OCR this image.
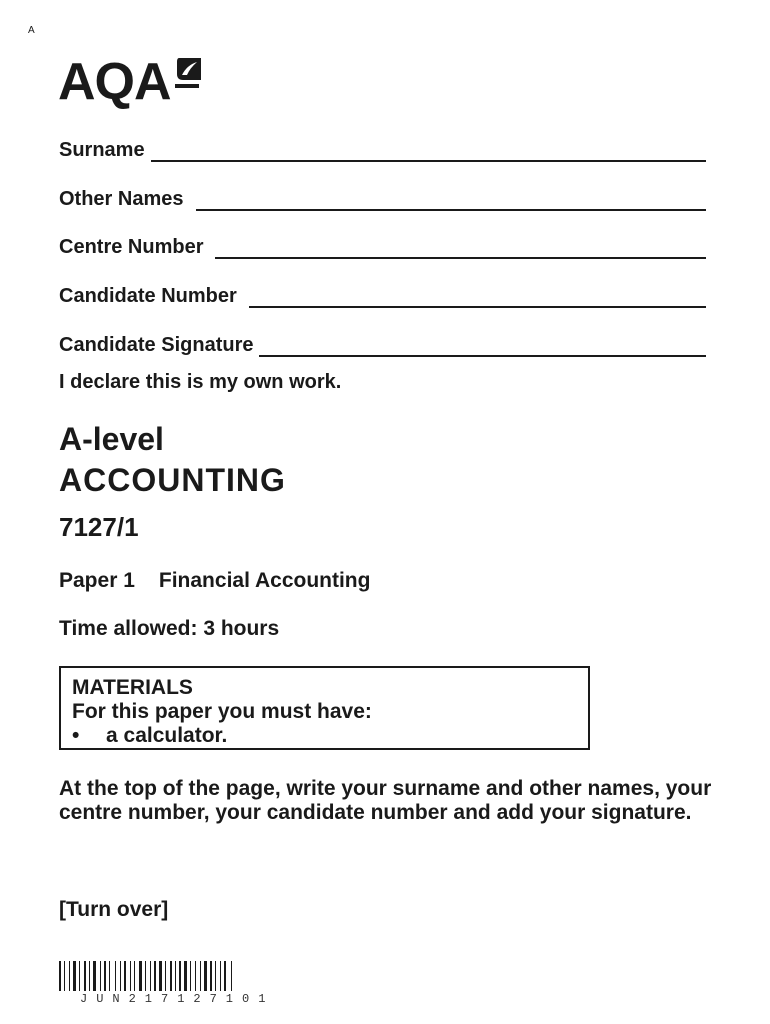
A
AQA
Surname
Other Names
Centre Number
Candidate Number
Candidate Signature
I declare this is my own work.
A-level
ACCOUNTING
7127/1
Paper 1 Financial Accounting
Time allowed: 3 hours
MATERIALS
For this paper you must have:
•	a calculator.
At the top of the page, write your surname and other names, your centre number, your candidate number and add your signature.
[Turn over]
JUN217127101
